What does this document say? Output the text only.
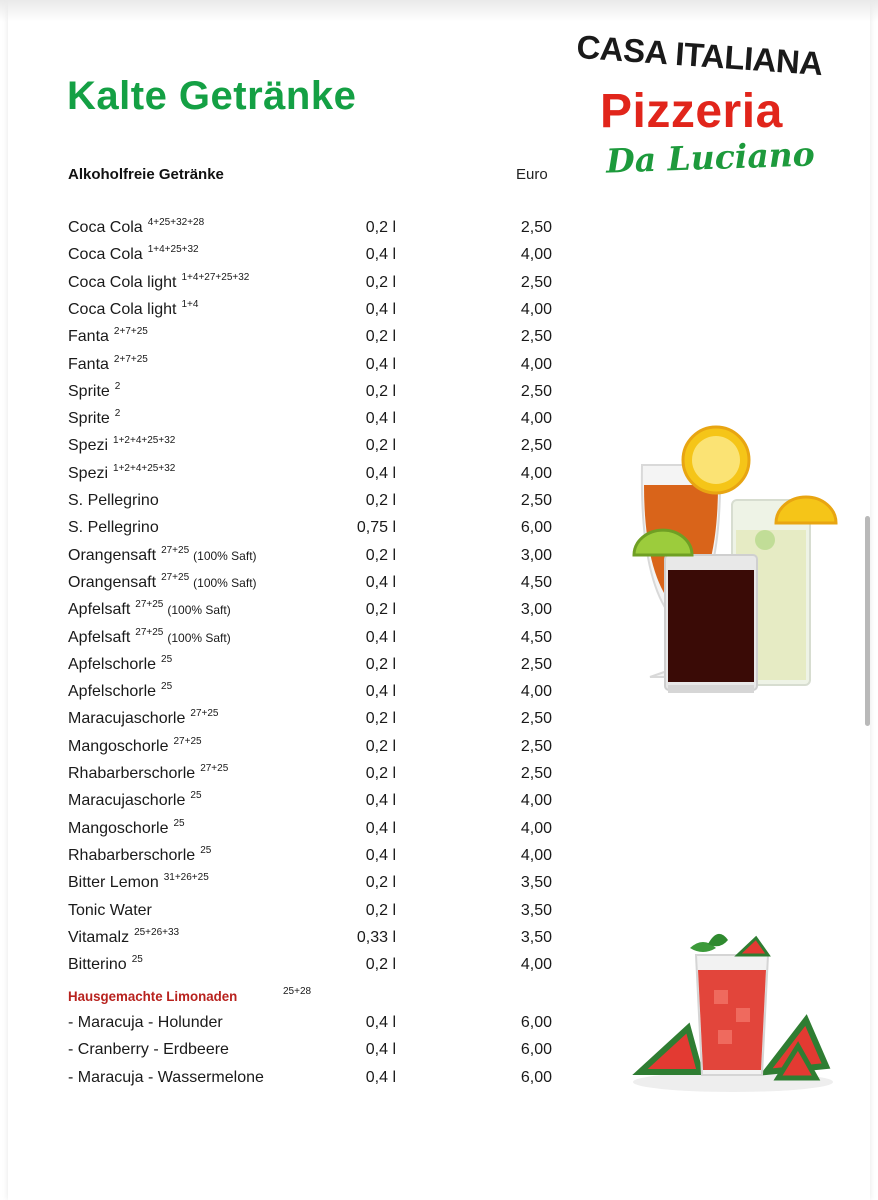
Kalte Getränke
CASA ITALIANA
Pizzeria
Da Luciano
Alkoholfreie Getränke	Euro
Coca Cola $^{4+25+32+28}$	0,2 l	2,50
Coca Cola $^{1+4+25+32}$	0,4 l	4,00
Coca Cola light $^{1+4+27+25+32}$	0,2 l	2,50
Coca Cola light $^{1+4}$	0,4 l	4,00
Fanta $^{2+7+25}$	0,2 l	2,50
Fanta $^{2+7+25}$	0,4 l	4,00
Sprite $^2$	0,2 l	2,50
Sprite $^2$	0,4 l	4,00
Spezi $^{1+2+4+25+32}$	0,2 l	2,50
Spezi $^{1+2+4+25+32}$	0,4 l	4,00
S. Pellegrino	0,2 l	2,50
S. Pellegrino	0,75 l	6,00
Orangensaft $^{27+25}$ (100% Saft)	0,2 l	3,00
Orangensaft $^{27+25}$ (100% Saft)	0,4 l	4,50
Apfelsaft $^{27+25}$ (100% Saft)	0,2 l	3,00
Apfelsaft $^{27+25}$ (100% Saft)	0,4 l	4,50
Apfelschorle $^{25}$	0,2 l	2,50
Apfelschorle $^{25}$	0,4 l	4,00
Maracujaschorle $^{27+25}$	0,2 l	2,50
Mangoschorle $^{27+25}$	0,2 l	2,50
Rhabarberschorle $^{27+25}$	0,2 l	2,50
Maracujaschorle $^{25}$	0,4 l	4,00
Mangoschorle $^{25}$	0,4 l	4,00
Rhabarberschorle $^{25}$	0,4 l	4,00
Bitter Lemon $^{31+26+25}$	0,2 l	3,50
Tonic Water	0,2 l	3,50
Vitamalz $^{25+26+33}$	0,33 l	3,50
Bitterino $^{25}$	0,2 l	4,00
Hausgemachte Limonaden	25+28
- Maracuja - Holunder	0,4 l	6,00
- Cranberry - Erdbeere	0,4 l	6,00
- Maracuja - Wassermelone	0,4 l	6,00
